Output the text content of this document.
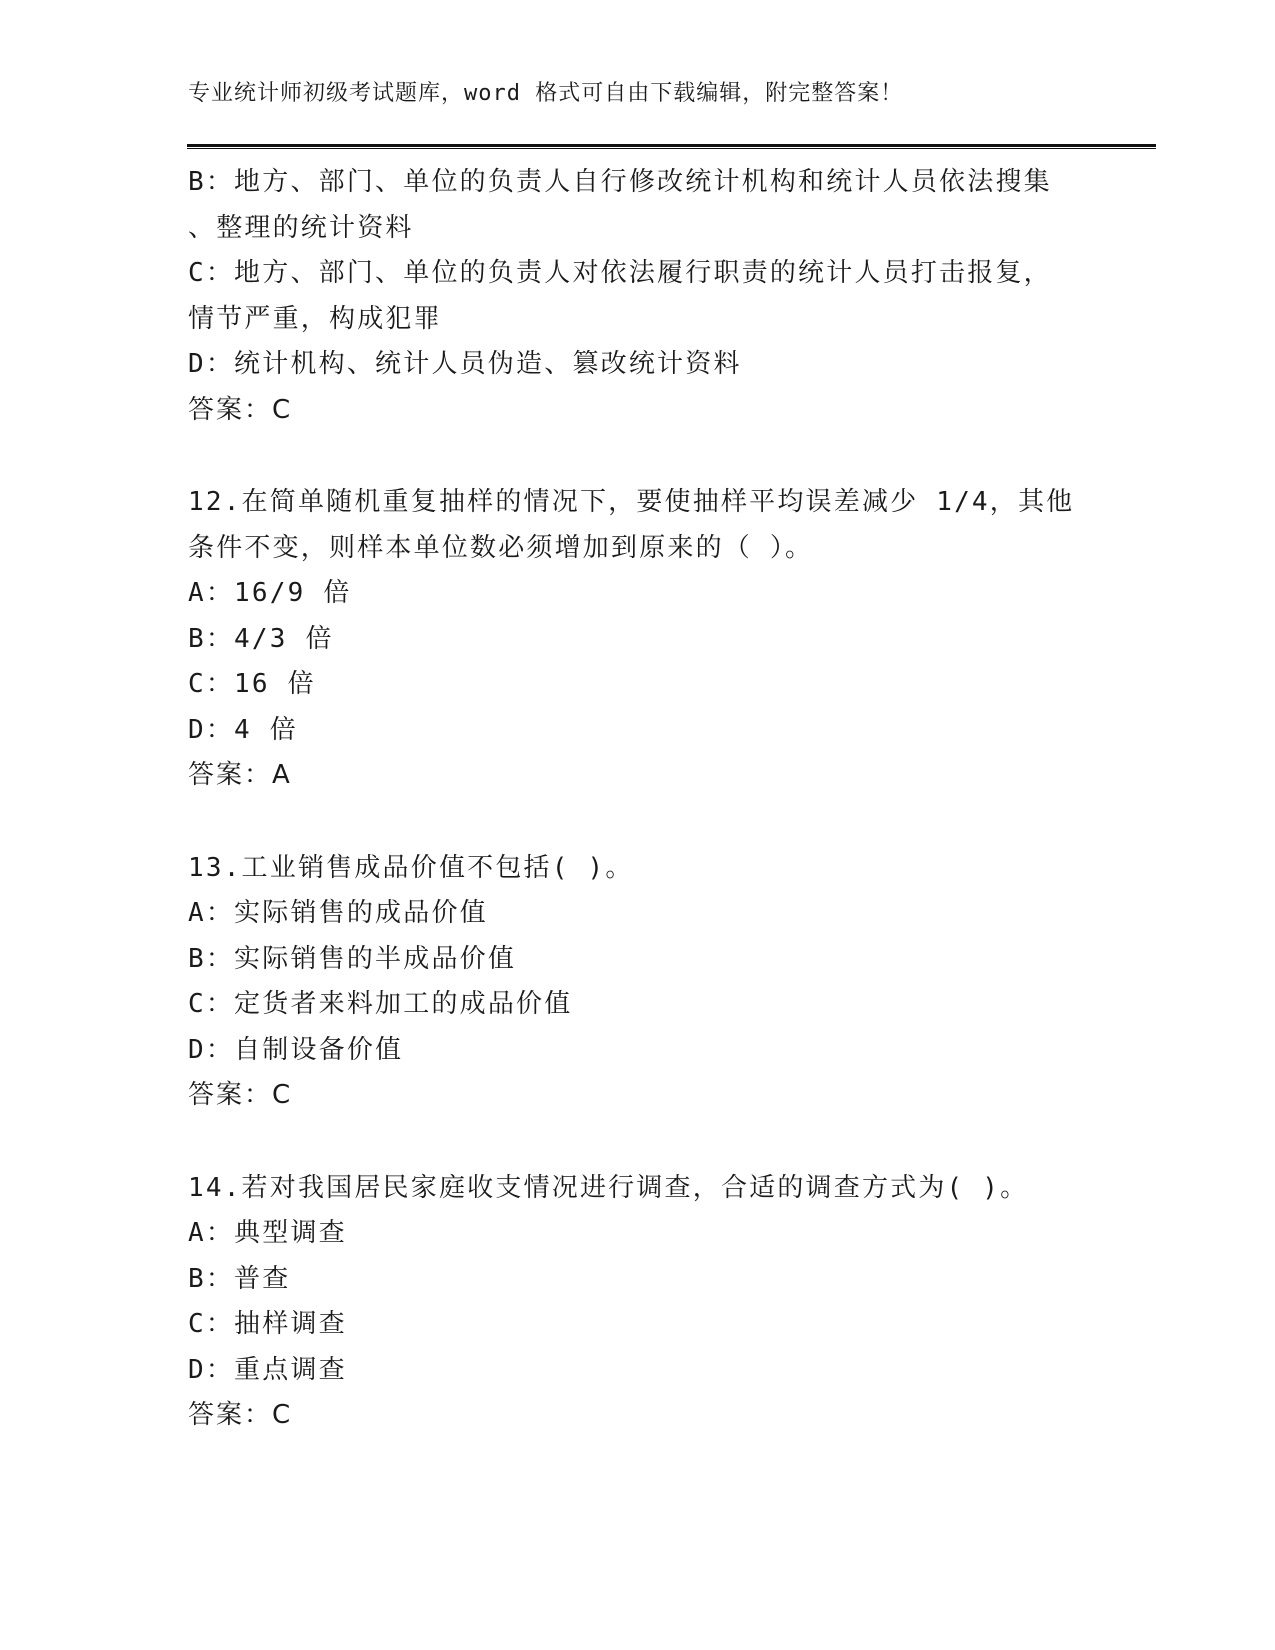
专业统计师初级考试题库，word 格式可自由下载编辑，附完整答案！
B：地方、部门、单位的负责人自行修改统计机构和统计人员依法搜集
、整理的统计资料
C：地方、部门、单位的负责人对依法履行职责的统计人员打击报复，
情节严重，构成犯罪
D：统计机构、统计人员伪造、篡改统计资料
答案：C
12.在简单随机重复抽样的情况下，要使抽样平均误差减少 1/4，其他
条件不变，则样本单位数必须增加到原来的（ ）。
A：16/9 倍
B：4/3 倍
C：16 倍
D：4 倍
答案：A
13.工业销售成品价值不包括( )。
A：实际销售的成品价值
B：实际销售的半成品价值
C：定货者来料加工的成品价值
D：自制设备价值
答案：C
14.若对我国居民家庭收支情况进行调查，合适的调查方式为( )。
A：典型调查
B：普查
C：抽样调查
D：重点调查
答案：C
